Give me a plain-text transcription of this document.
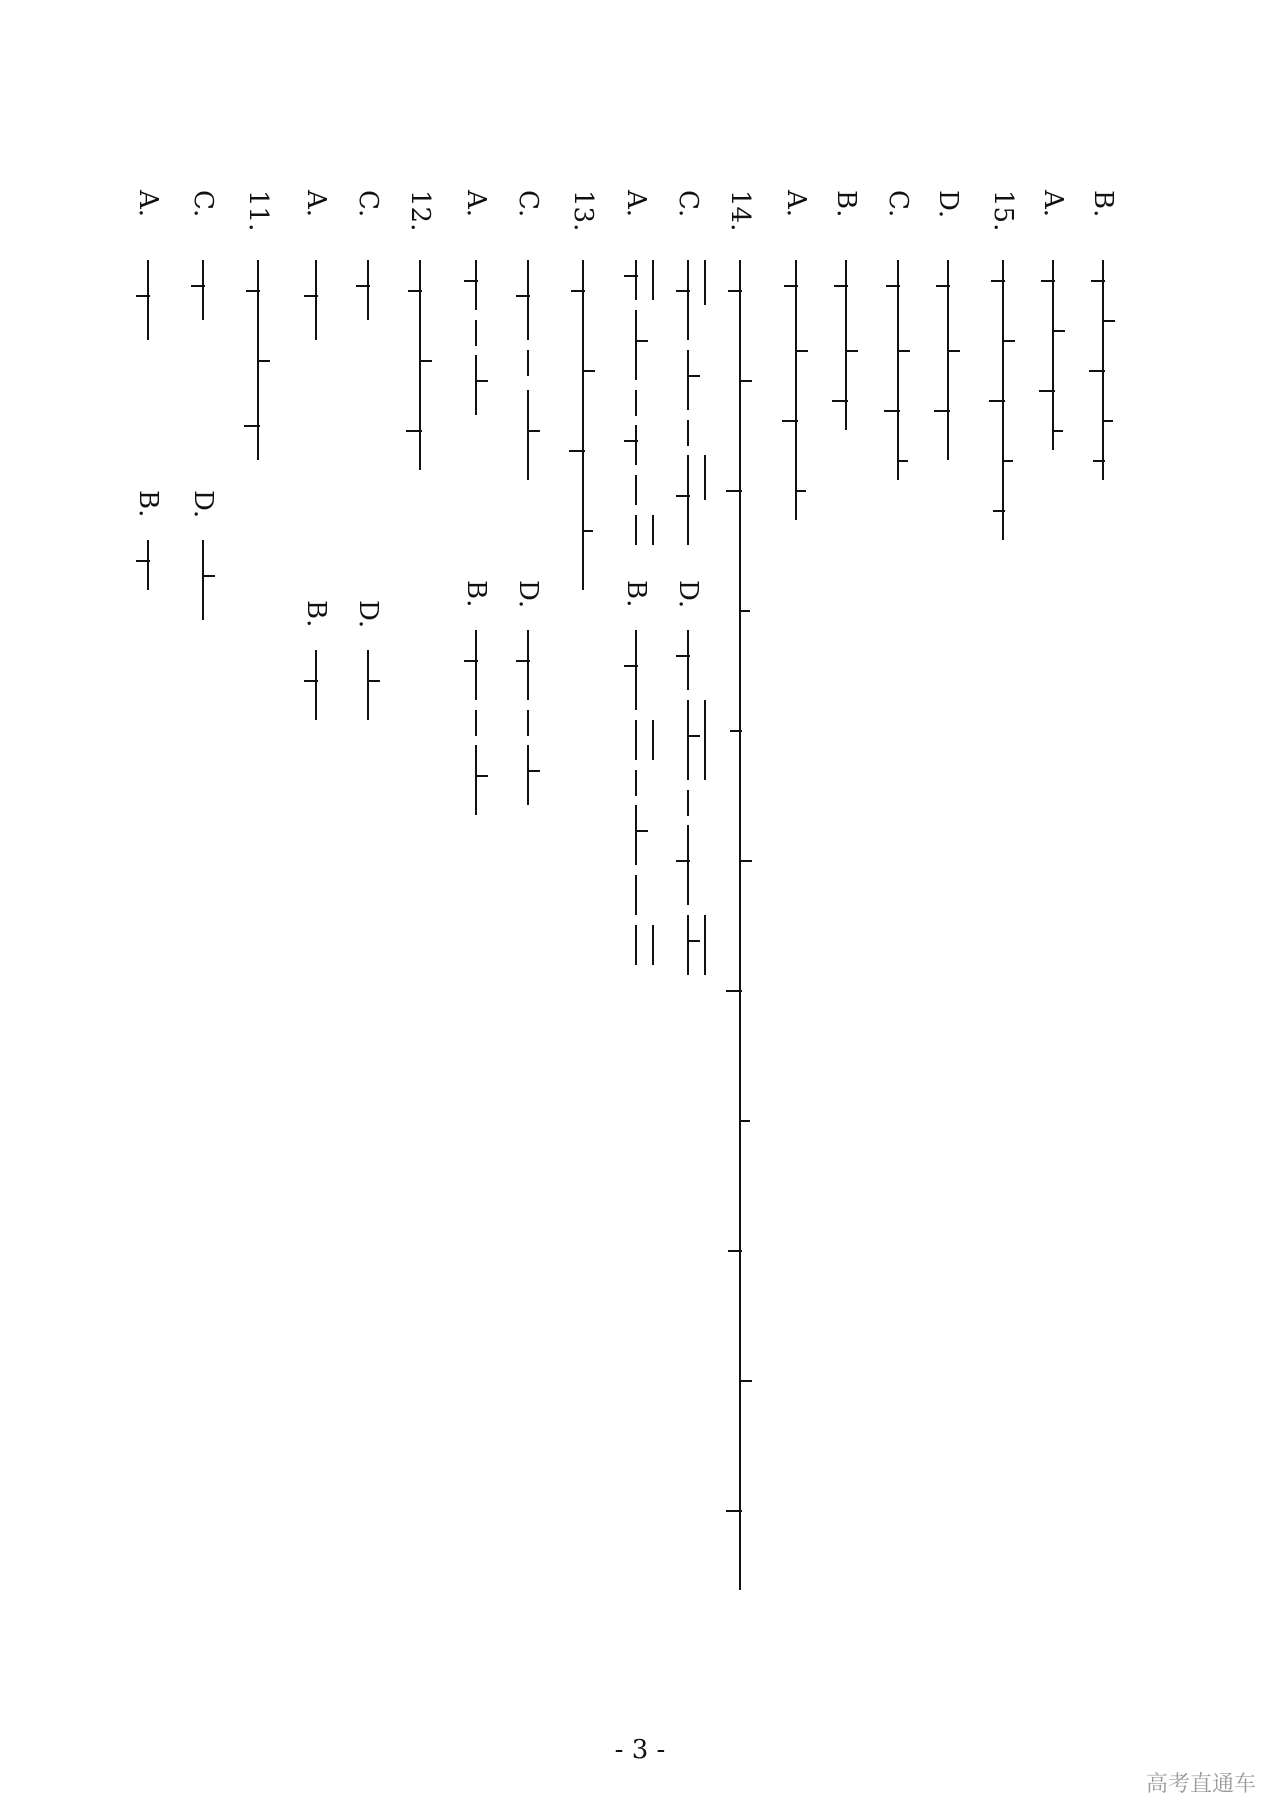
B.
A.
15.
D.
C.
B.
A.
14.
C.
D.
A.
B.
13.
C.
D.
A.
B.
12.
C.
D.
A.
B.
11.
C.
D.
A.
B.
- 3 -
高考直通车
